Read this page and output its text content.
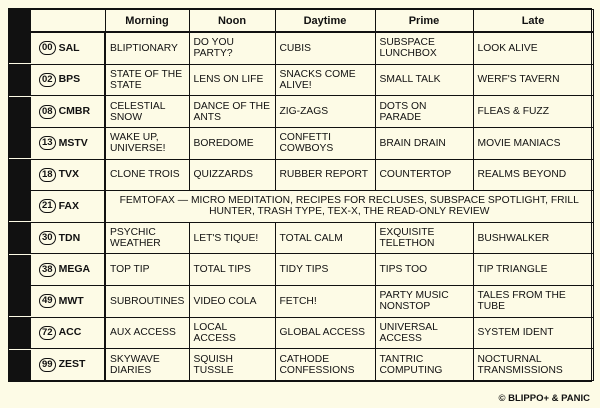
	Morning	Noon	Daytime	Prime	Late
00 SAL	BLIPTIONARY	DO YOU PARTY?	CUBIS	SUBSPACE LUNCHBOX	LOOK ALIVE
02 BPS	STATE OF THE STATE	LENS ON LIFE	SNACKS COME ALIVE!	SMALL TALK	WERF'S TAVERN
08 CMBR	CELESTIAL SNOW	DANCE OF THE ANTS	ZIG-ZAGS	DOTS ON PARADE	FLEAS & FUZZ
13 MSTV	WAKE UP, UNIVERSE!	BOREDOME	CONFETTI COWBOYS	BRAIN DRAIN	MOVIE MANIACS
18 TVX	CLONE TROIS	QUIZZARDS	RUBBER REPORT	COUNTERTOP	REALMS BEYOND
21 FAX	FEMTOFAX — MICRO MEDITATION, RECIPES FOR RECLUSES, SUBSPACE SPOTLIGHT, FRILL HUNTER, TRASH TYPE, TEX-X, THE READ-ONLY REVIEW				
30 TDN	PSYCHIC WEATHER	LET'S TIQUE!	TOTAL CALM	EXQUISITE TELETHON	BUSHWALKER
38 MEGA	TOP TIP	TOTAL TIPS	TIDY TIPS	TIPS TOO	TIP TRIANGLE
49 MWT	SUBROUTINES	VIDEO COLA	FETCH!	PARTY MUSIC NONSTOP	TALES FROM THE TUBE
72 ACC	AUX ACCESS	LOCAL ACCESS	GLOBAL ACCESS	UNIVERSAL ACCESS	SYSTEM IDENT
99 ZEST	SKYWAVE DIARIES	SQUISH TUSSLE	CATHODE CONFESSIONS	TANTRIC COMPUTING	NOCTURNAL TRANSMISSIONS
© BLIPPO+ & PANIC
